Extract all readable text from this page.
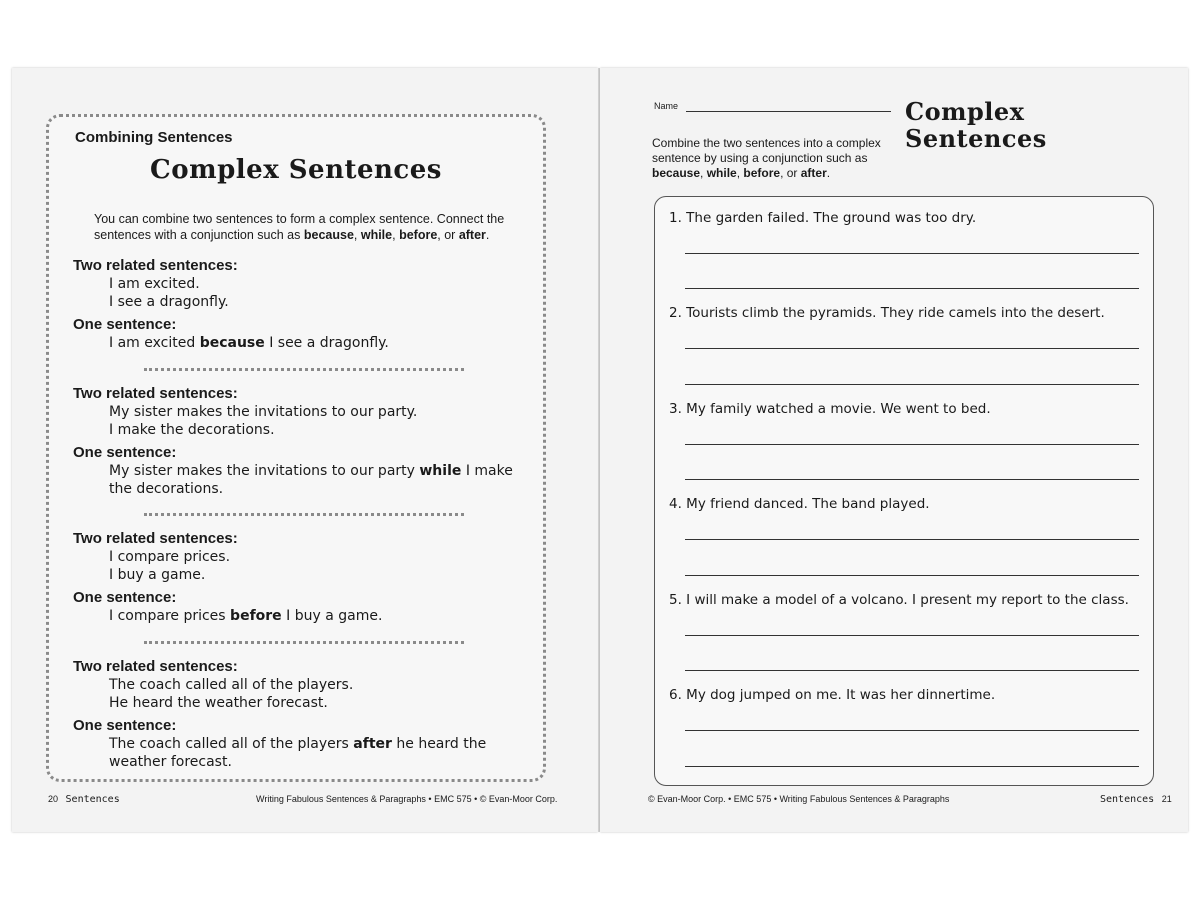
Combining Sentences
Complex Sentences
You can combine two sentences to form a complex sentence. Connect the sentences with a conjunction such as because, while, before, or after.
Two related sentences:
I am excited.
I see a dragonfly.
One sentence:
I am excited because I see a dragonfly.
Two related sentences:
My sister makes the invitations to our party.
I make the decorations.
One sentence:
My sister makes the invitations to our party while I make
the decorations.
Two related sentences:
I compare prices.
I buy a game.
One sentence:
I compare prices before I buy a game.
Two related sentences:
The coach called all of the players.
He heard the weather forecast.
One sentence:
The coach called all of the players after he heard the
weather forecast.
20 Sentences	Writing Fabulous Sentences & Paragraphs • EMC 575 • © Evan-Moor Corp.
Name	Complex
Sentences
Combine the two sentences into a complex sentence by using a conjunction such as because, while, before, or after.
1. The garden failed. The ground was too dry.
2. Tourists climb the pyramids. They ride camels into the desert.
3. My family watched a movie. We went to bed.
4. My friend danced. The band played.
5. I will make a model of a volcano. I present my report to the class.
6. My dog jumped on me. It was her dinnertime.
© Evan-Moor Corp. • EMC 575 • Writing Fabulous Sentences & Paragraphs	Sentences 21
